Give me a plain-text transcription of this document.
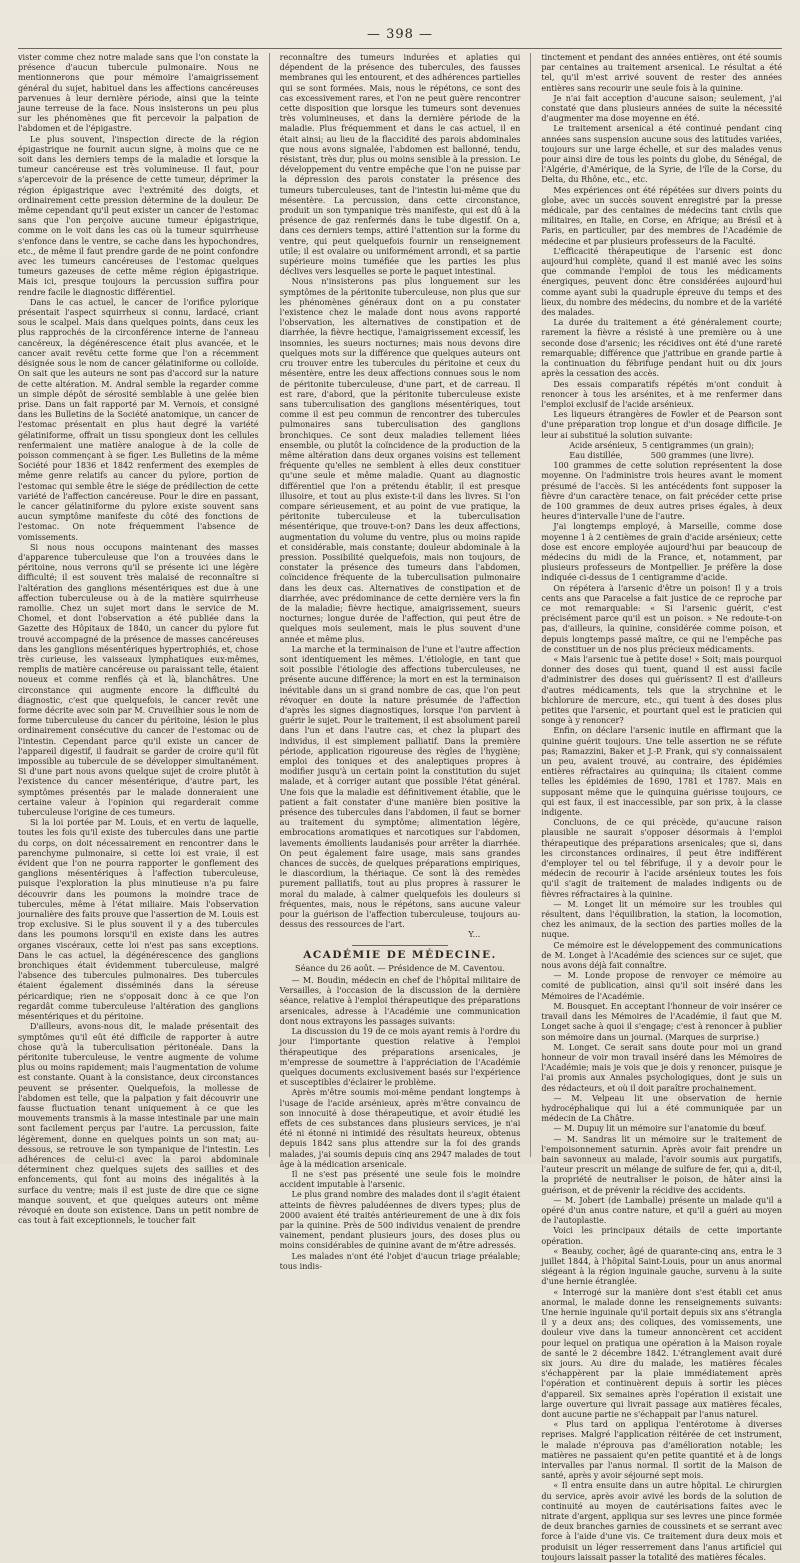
— 398 —

vister comme chez notre malade sans que l'on constate la présence d'aucun tubercule pulmonaire. Nous ne mentionnerons que pour mémoire l'amaigrissement général du sujet, habituel dans les affections cancéreuses parvenues à leur dernière période, ainsi que la teinte jaune terreuse de la face. Nous insisterons un peu plus sur les phénomènes que fit percevoir la palpation de l'abdomen et de l'épigastre.

Le plus souvent, l'inspection directe de la région épigastrique ne fournit aucun signe, à moins que ce ne soit dans les derniers temps de la maladie et lorsque la tumeur cancéreuse est très volumineuse. Il faut, pour s'apercevoir de la présence de cette tumeur, déprimer la région épigastrique avec l'extrémité des doigts, et ordinairement cette pression détermine de la douleur. De même cependant qu'il peut exister un cancer de l'estomac sans que l'on perçoive aucune tumeur épigastrique, comme on le voit dans les cas où la tumeur squirrheuse s'enfonce dans le ventre, se cache dans les hypochondres, etc., de même il faut prendre garde de ne point confondre avec les tumeurs cancéreuses de l'estomac quelques tumeurs gazeuses de cette même région épigastrique. Mais ici, presque toujours la percussion suffira pour rendre facile le diagnostic différentiel.

Dans le cas actuel, le cancer de l'orifice pylorique présentait l'aspect squirrheux si connu, lardacé, criant sous le scalpel. Mais dans quelques points, dans ceux les plus rapprochés de la circonférence interne de l'anneau cancéreux, la dégénérescence était plus avancée, et le cancer avait revêtu cette forme que l'on a récemment désignée sous le nom de cancer gélatiniforme ou colloïde. On sait que les auteurs ne sont pas d'accord sur la nature de cette altération. M. Andral semble la regarder comme un simple dépôt de sérosité semblable à une gelée bien prise. Dans un fait rapporté par M. Vernois, et consigné dans les Bulletins de la Société anatomique, un cancer de l'estomac présentait en plus haut degré la variété gélatiniforme, offrait un tissu spongieux dont les cellules renfermaient une matière analogue à de la colle de poisson commençant à se figer. Les Bulletins de la même Société pour 1836 et 1842 renferment des exemples de même genre relatifs au cancer du pylore, portion de l'estomac qui semble être le siége de prédilection de cette variété de l'affection cancéreuse. Pour le dire en passant, le cancer gélatiniforme du pylore existe souvent sans aucun symptôme manifeste du côté des fonctions de l'estomac. On note fréquemment l'absence de vomissements.

Si nous nous occupons maintenant des masses d'apparence tuberculeuse que l'on a trouvées dans le péritoine, nous verrons qu'il se présente ici une légère difficulté; il est souvent très malaisé de reconnaître si l'altération des ganglions mésentériques est due à une affection tuberculeuse ou à de la matière squirrheuse ramollie. Chez un sujet mort dans le service de M. Chomel, et dont l'observation a été publiée dans la Gazette des Hôpitaux de 1840, un cancer du pylore fut trouvé accompagné de la présence de masses cancéreuses dans les ganglions mésentériques hypertrophiés, et, chose très curieuse, les vaisseaux lymphatiques eux-mêmes, remplis de matière cancéreuse ou paraissant telle, étaient noueux et comme renflés çà et là, blanchâtres. Une circonstance qui augmente encore la difficulté du diagnostic, c'est que quelquefois, le cancer revêt une forme décrite avec soin par M. Cruveilhier sous le nom de forme tuberculeuse du cancer du péritoine, lésion le plus ordinairement consécutive du cancer de l'estomac ou de l'intestin. Cependant parce qu'il existe un cancer de l'appareil digestif, il faudrait se garder de croire qu'il fût impossible au tubercule de se développer simultanément. Si d'une part nous avons quelque sujet de croire plutôt à l'existence du cancer mésentérique, d'autre part, les symptômes présentés par le malade donneraient une certaine valeur à l'opinion qui regarderait comme tuberculeuse l'origine de ces tumeurs.

Si la loi portée par M. Louis, et en vertu de laquelle, toutes les fois qu'il existe des tubercules dans une partie du corps, on doit nécessairement en rencontrer dans le parenchyme pulmonaire, si cette loi est vraie, il est évident que l'on ne pourra rapporter le gonflement des ganglions mésentériques à l'affection tuberculeuse, puisque l'exploration la plus minutieuse n'a pu faire découvrir dans les poumons la moindre trace de tubercules, même à l'état miliaire. Mais l'observation journalière des faits prouve que l'assertion de M. Louis est trop exclusive. Si le plus souvent il y a des tubercules dans les poumons lorsqu'il en existe dans les autres organes viscéraux, cette loi n'est pas sans exceptions. Dans le cas actuel, la dégénérescence des ganglions bronchiques était évidemment tuberculeuse, malgré l'absence des tubercules pulmonaires. Des tubercules étaient également disséminés dans la séreuse péricardique; rien ne s'opposait donc à ce que l'on regardât comme tuberculeuse l'altération des ganglions mésentériques et du péritoine.

D'ailleurs, avons-nous dit, le malade présentait des symptômes qu'il eût été difficile de rapporter à autre chose qu'à la tuberculisation péritonéale. Dans la péritonite tuberculeuse, le ventre augmente de volume plus ou moins rapidement; mais l'augmentation de volume est constante. Quant à la consistance, deux circonstances peuvent se présenter. Quelquefois, la mollesse de l'abdomen est telle, que la palpation y fait découvrir une fausse fluctuation tenant uniquement à ce que les mouvements transmis à la masse intestinale par une main sont facilement perçus par l'autre. La percussion, faite légèrement, donne en quelques points un son mat; au-dessous, se retrouve le son tympanique de l'intestin. Les adhérences de celui-ci avec la paroi abdominale déterminent chez quelques sujets des saillies et des enfoncements, qui font au moins des inégalités à la surface du ventre; mais il est juste de dire que ce signe manque souvent, et que quelques auteurs ont même révoqué en doute son existence. Dans un petit nombre de cas tout à fait exceptionnels, le toucher fait

reconnaître des tumeurs indurées et aplaties qui dépendent de la présence des tubercules, des fausses membranes qui les entourent, et des adhérences partielles qui se sont formées. Mais, nous le répétons, ce sont des cas excessivement rares, et l'on ne peut guère rencontrer cette disposition que lorsque les tumeurs sont devenues très volumineuses, et dans la dernière période de la maladie. Plus fréquemment et dans le cas actuel, il en était ainsi; au lieu de la flaccidité des parois abdominales que nous avons signalée, l'abdomen est ballonné, tendu, résistant, très dur, plus ou moins sensible à la pression. Le développement du ventre empêche que l'on ne puisse par la dépression des parois constater la présence des tumeurs tuberculeuses, tant de l'intestin lui-même que du mésentère. La percussion, dans cette circonstance, produit un son tympanique très manifeste, qui est dû à la présence de gaz renfermés dans le tube digestif. On a, dans ces derniers temps, attiré l'attention sur la forme du ventre, qui peut quelquefois fournir un renseignement utile; il est ovalaire ou uniformément arrondi, et sa partie supérieure moins tuméfiée que les parties les plus déclives vers lesquelles se porte le paquet intestinal.

Nous n'insisterons pas plus longuement sur les symptômes de la péritonite tuberculeuse, non plus que sur les phénomènes généraux dont on a pu constater l'existence chez le malade dont nous avons rapporté l'observation, les alternatives de constipation et de diarrhée, la fièvre hectique, l'amaigrissement excessif, les insomnies, les sueurs nocturnes; mais nous devons dire quelques mots sur la différence que quelques auteurs ont cru trouver entre les tubercules du péritoine et ceux du mésentère, entre les deux affections connues sous le nom de péritonite tuberculeuse, d'une part, et de carreau. Il est rare, d'abord, que la péritonite tuberculeuse existe sans tuberculisation des ganglions mésentériques, tout comme il est peu commun de rencontrer des tubercules pulmonaires sans tuberculisation des ganglions bronchiques. Ce sont deux maladies tellement liées ensemble, ou plutôt la coïncidence de la production de la même altération dans deux organes voisins est tellement fréquente qu'elles ne semblent à elles deux constituer qu'une seule et même maladie. Quant au diagnostic différentiel que l'on a prétendu établir, il est presque illusoire, et tout au plus existe-t-il dans les livres. Si l'on compare sérieusement, et au point de vue pratique, la péritonite tuberculeuse et la tuberculisation mésentérique, que trouve-t-on? Dans les deux affections, augmentation du volume du ventre, plus ou moins rapide et considérable, mais constante; douleur abdominale à la pression. Possibilité quelquefois, mais non toujours, de constater la présence des tumeurs dans l'abdomen, coïncidence fréquente de la tuberculisation pulmonaire dans les deux cas. Alternatives de constipation et de diarrhée, avec prédominance de cette dernière vers la fin de la maladie; fièvre hectique, amaigrissement, sueurs nocturnes; longue durée de l'affection, qui peut être de quelques mois seulement, mais le plus souvent d'une année et même plus.

La marche et la terminaison de l'une et l'autre affection sont identiquement les mêmes. L'étiologie, en tant que soit possible l'étiologie des affections tuberculeuses, ne présente aucune différence; la mort en est la terminaison inévitable dans un si grand nombre de cas, que l'on peut révoquer en doute la nature présumée de l'affection d'après les signes diagnostiques, lorsque l'on parvient à guérir le sujet. Pour le traitement, il est absolument pareil dans l'un et dans l'autre cas, et chez la plupart des individus, il est simplement palliatif. Dans la première période, application rigoureuse des règles de l'hygiène; emploi des toniques et des analeptiques propres à modifier jusqu'à un certain point la constitution du sujet malade, et à corriger autant que possible l'état général. Une fois que la maladie est définitivement établie, que le patient a fait constater d'une manière bien positive la présence des tubercules dans l'abdomen, il faut se borner au traitement du symptôme; alimentation légère, embrocations aromatiques et narcotiques sur l'abdomen, lavements émollients laudanisés pour arrêter la diarrhée. On peut également faire usage, mais sans grandes chances de succès, de quelques préparations empiriques, le diascordium, la thériaque. Ce sont là des remèdes purement palliatifs, tout au plus propres à rassurer le moral du malade, à calmer quelquefois les douleurs si fréquentes, mais, nous le répétons, sans aucune valeur pour la guérison de l'affection tuberculeuse, toujours au-dessus des ressources de l'art.

Y...
ACADÉMIE DE MÉDECINE.
Séance du 26 août. — Présidence de M. Caventou.

— M. Boudin, médecin en chef de l'hôpital militaire de Versailles, à l'occasion de la discussion de la dernière séance, relative à l'emploi thérapeutique des préparations arsenicales, adresse à l'Académie une communication dont nous extrayons les passages suivants:

La discussion du 19 de ce mois ayant remis à l'ordre du jour l'importante question relative à l'emploi thérapeutique des préparations arsenicales, je m'empresse de soumettre à l'appréciation de l'Académie quelques documents exclusivement basés sur l'expérience et susceptibles d'éclairer le problème.

Après m'être soumis moi-même pendant longtemps à l'usage de l'acide arsénieux, après m'être convaincu de son innocuité à dose thérapeutique, et avoir étudié les effets de ces substances dans plusieurs services, je n'ai été ni étonné ni intimidé des résultats heureux, obtenus depuis 1842 sans plus attendre sur la foi des grands malades, j'ai soumis depuis cinq ans 2947 malades de tout âge à la médication arsenicale.

Il ne s'est pas présenté une seule fois le moindre accident imputable à l'arsenic.

Le plus grand nombre des malades dont il s'agit étaient atteints de fièvres paludéennes de divers types; plus de 2000 avaient été traités antérieurement de une à dix fois par la quinine. Près de 500 individus venaient de prendre vainement, pendant plusieurs jours, des doses plus ou moins considérables de quinine avant de m'être adressés.

Les malades n'ont été l'objet d'aucun triage préalable; tous indis-

tinctement et pendant des années entières, ont été soumis par centaines au traitement arsenical. Le résultat a été tel, qu'il m'est arrivé souvent de rester des années entières sans recourir une seule fois à la quinine.

Je n'ai fait acception d'aucune saison; seulement, j'ai constaté que dans plusieurs années de suite la nécessité d'augmenter ma dose moyenne en été.

Le traitement arsenical a été continué pendant cinq années sans suspension aucune sous des latitudes variées, toujours sur une large échelle, et sur des malades venus pour ainsi dire de tous les points du globe, du Sénégal, de l'Algérie, d'Amérique, de la Syrie, de l'île de la Corse, du Delta, du Rhône, etc., etc.

Mes expériences ont été répétées sur divers points du globe, avec un succès souvent enregistré par la presse médicale, par des centaines de médecins tant civils que militaires, en Italie, en Corse, en Afrique; au Brésil et à Paris, en particulier, par des membres de l'Académie de médecine et par plusieurs professeurs de la Faculté.

L'efficacité thérapeutique de l'arsenic est donc aujourd'hui complète, quand il est manié avec les soins que commande l'emploi de tous les médicaments énergiques, peuvent donc être considérées aujourd'hui comme ayant subi la quadruple épreuve du temps et des lieux, du nombre des médecins, du nombre et de la variété des malades.

La durée du traitement a été généralement courte; rarement la fièvre a résisté à une première ou à une seconde dose d'arsenic; les récidives ont été d'une rareté remarquable; différence que j'attribue en grande partie à la continuation du fébrifuge pendant huit ou dix jours après la cessation des accès.

Des essais comparatifs répétés m'ont conduit à renoncer à tous les arsénites, et à me renfermer dans l'emploi exclusif de l'acide arsénieux.

Les liqueurs étrangères de Fowler et de Pearson sont d'une préparation trop longue et d'un dosage difficile. Je leur ai substitué la solution suivante:

Acide arsénieux, 5 centigrammes (un grain);
Eau distillée,	500 grammes (une livre).

100 grammes de cette solution représentent la dose moyenne. On l'administre trois heures avant le moment présumé de l'accès. Si les antécédents font supposer la fièvre d'un caractère tenace, on fait précéder cette prise de 100 grammes de deux autres prises égales, à deux heures d'intervalle l'une de l'autre.

J'ai longtemps employé, à Marseille, comme dose moyenne 1 à 2 centièmes de grain d'acide arsénieux; cette dose est encore employée aujourd'hui par beaucoup de médecins du midi de la France, et, notamment, par plusieurs professeurs de Montpellier. Je préfère la dose indiquée ci-dessus de 1 centigramme d'acide.

On répétera à l'arsenic d'être un poison! Il y a trois cents ans que Paracelse a fait justice de ce reproche par ce mot remarquable: « Si l'arsenic guérit, c'est précisément parce qu'il est un poison. » Ne redoute-t-on pas, d'ailleurs, la quinine, considérée comme poison, et depuis longtemps passé maître, ce qui ne l'empêche pas de constituer un de nos plus précieux médicaments.

« Mais l'arsenic tue à petite dose! » Soit; mais pourquoi donner des doses qui tuent, quand il est aussi facile d'administrer des doses qui guérissent? Il est d'ailleurs d'autres médicaments, tels que la strychnine et le bichlorure de mercure, etc., qui tuent à des doses plus petites que l'arsenic, et pourtant quel est le praticien qui songe à y renoncer?

Enfin, on déclare l'arsenic inutile en affirmant que la quinine guérit toujours. Une telle assertion ne se réfute pas; Ramazzini, Baker et J.-P. Frank, qui s'y connaissaient un peu, avaient trouvé, au contraire, des épidémies entières réfractaires au quinquina; ils citaient comme telles les épidémies de 1690, 1781 et 1787. Mais en supposant même que le quinquina guérisse toujours, ce qui est faux, il est inaccessible, par son prix, à la classe indigente.

Concluons, de ce qui précède, qu'aucune raison plausible ne saurait s'opposer désormais à l'emploi thérapeutique des préparations arsenicales; que si, dans les circonstances ordinaires, il peut être indifférent d'employer tel ou tel fébrifuge, il y a devoir pour le médecin de recourir à l'acide arsénieux toutes les fois qu'il s'agit de traitement de malades indigents ou de fièvres réfractaires à la quinine.

— M. Longet lit un mémoire sur les troubles qui résultent, dans l'équilibration, la station, la locomotion, chez les animaux, de la section des parties molles de la nuque.

Ce mémoire est le développement des communications de M. Longet à l'Académie des sciences sur ce sujet, que nous avons déjà fait connaître.

— M. Londe propose de renvoyer ce mémoire au comité de publication, ainsi qu'il soit inséré dans les Mémoires de l'Académie.

M. Bousquet. En acceptant l'honneur de voir insérer ce travail dans les Mémoires de l'Académie, il faut que M. Longet sache à quoi il s'engage; c'est à renoncer à publier son mémoire dans un journal. (Marques de surprise.)

M. Longet. Ce serait sans doute pour moi un grand honneur de voir mon travail inséré dans les Mémoires de l'Académie; mais je vois que je dois y renoncer, puisque je l'ai promis aux Annales psychologiques, dont je suis un des rédacteurs, et où il doit paraître prochainement.

— M. Velpeau lit une observation de hernie hydrocéphalique qui lui a été communiquée par un médecin de La Châtre.

— M. Dupuy lit un mémoire sur l'anatomie du bœuf.

— M. Sandras lit un mémoire sur le traitement de l'empoisonnement saturnin. Après avoir fait prendre un bain savonneux au malade, l'avoir soumis aux purgatifs, l'auteur prescrit un mélange de sulfure de fer, qui a, dit-il, la propriété de neutraliser le poison, de hâter ainsi la guérison, et de prévenir la récidive des accidents.

— M. Jobert (de Lamballe) présente un malade qu'il a opéré d'un anus contre nature, et qu'il a guéri au moyen de l'autoplastie.

Voici les principaux détails de cette importante opération.

« Beauby, cocher, âgé de quarante-cinq ans, entra le 3 juillet 1844, à l'hôpital Saint-Louis, pour un anus anormal siégeant à la région inguinale gauche, survenu à la suite d'une hernie étranglée.

« Interrogé sur la manière dont s'est établi cet anus anormal, le malade donne les renseignements suivants: Une hernie inguinale qu'il portait depuis six ans s'étrangla il y a deux ans; des coliques, des vomissements, une douleur vive dans la tumeur annoncèrent cet accident pour lequel on pratiqua une opération à la Maison royale de santé le 2 décembre 1842. L'étranglement avait duré six jours. Au dire du malade, les matières fécales s'échappèrent par la plaie immédiatement après l'opération et continuèrent depuis à sortir les pièces d'appareil. Six semaines après l'opération il existait une large ouverture qui livrait passage aux matières fécales, dont aucune partie ne s'échappait par l'anus naturel.

« Plus tard on appliqua l'entérotome à diverses reprises. Malgré l'application réitérée de cet instrument, le malade n'éprouva pas d'amélioration notable; les matières ne passaient qu'en petite quantité et à de longs intervalles par l'anus normal. Il sortit de la Maison de santé, après y avoir séjourné sept mois.

« Il entra ensuite dans un autre hôpital. Le chirurgien du service, après avoir avivé les bords de la solution de continuité au moyen de cautérisations faites avec le nitrate d'argent, appliqua sur ses levres une pince formée de deux branches garnies de coussinets et se serrant avec force à l'aide d'une vis. Ce traitement dura deux mois et produisit un léger resserrement dans l'anus artificiel qui toujours laissait passer la totalité des matières fécales.
